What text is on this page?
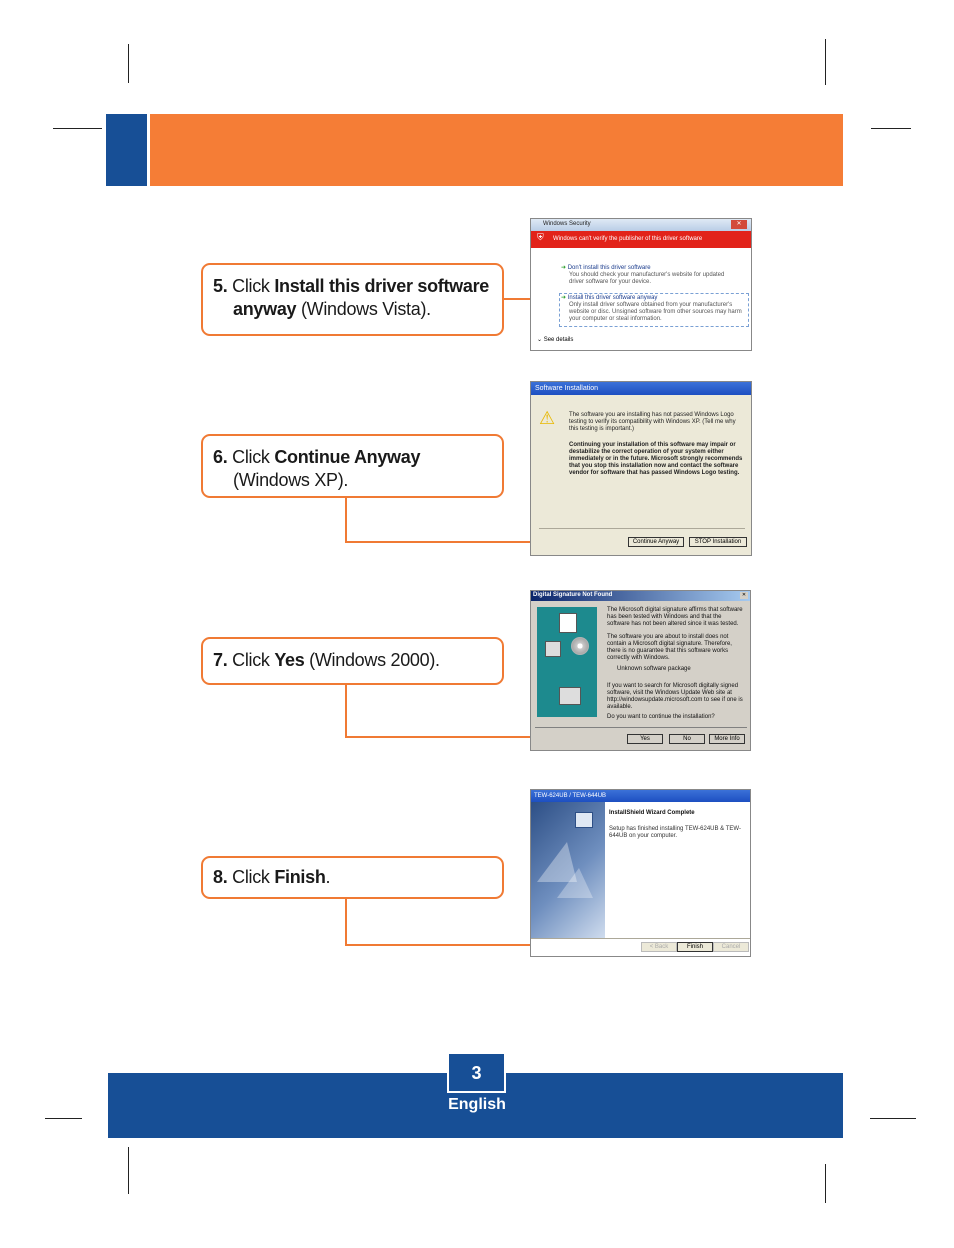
5. Click Install this driver software
anyway (Windows Vista).
Windows Security	✕
⛨ Windows can't verify the publisher of this driver software
➜ Don't install this driver software

You should check your manufacturer's website for updated driver software for your device.
➜ Install this driver software anyway

Only install driver software obtained from your manufacturer's website or disc. Unsigned software from other sources may harm your computer or steal information.
⌄ See details
6. Click Continue Anyway
(Windows XP).
Software Installation
⚠	The software you are installing has not passed Windows Logo testing to verify its compatibility with Windows XP. (Tell me why this testing is important.)
Continuing your installation of this software may impair or destabilize the correct operation of your system either immediately or in the future. Microsoft strongly recommends that you stop this installation now and contact the software vendor for software that has passed Windows Logo testing.
Continue Anyway	STOP Installation
7. Click Yes (Windows 2000).
Digital Signature Not Found	✕
The Microsoft digital signature affirms that software has been tested with Windows and that the software has not been altered since it was tested.
The software you are about to install does not contain a Microsoft digital signature. Therefore, there is no guarantee that this software works correctly with Windows.
Unknown software package
If you want to search for Microsoft digitally signed software, visit the Windows Update Web site at http://windowsupdate.microsoft.com to see if one is available.
Do you want to continue the installation?
Yes	No	More Info
8. Click Finish.
TEW-624UB / TEW-644UB
InstallShield Wizard Complete
Setup has finished installing TEW-624UB & TEW-644UB on your computer.
< Back	Finish	Cancel
3
English
